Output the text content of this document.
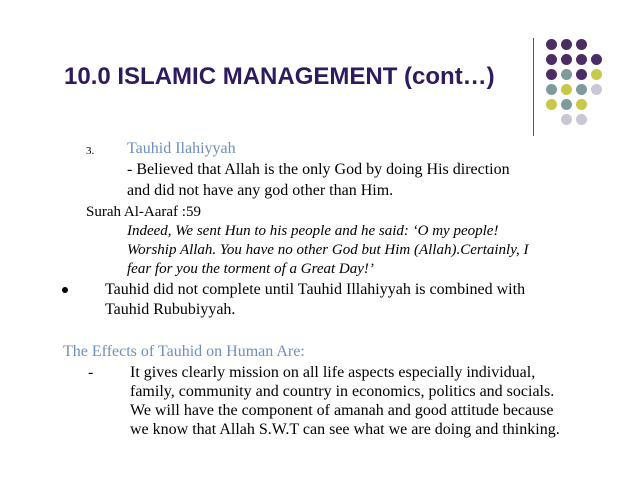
10.0 ISLAMIC MANAGEMENT (cont…)
3. Tauhid Ilahiyyah
- Believed that Allah is the only God by doing His direction
and did not have any god other than Him.
Surah Al-Aaraf :59
Indeed, We sent Hun to his people and he said: ‘O my people!
Worship Allah. You have no other God but Him (Allah).Certainly, I
fear for you the torment of a Great Day!’
Tauhid did not complete until Tauhid Illahiyyah is combined with
Tauhid Rububiyyah.
The Effects of Tauhid on Human Are:
- It gives clearly mission on all life aspects especially individual,
family, community and country in economics, politics and socials.
We will have the component of amanah and good attitude because
we know that Allah S.W.T can see what we are doing and thinking.
